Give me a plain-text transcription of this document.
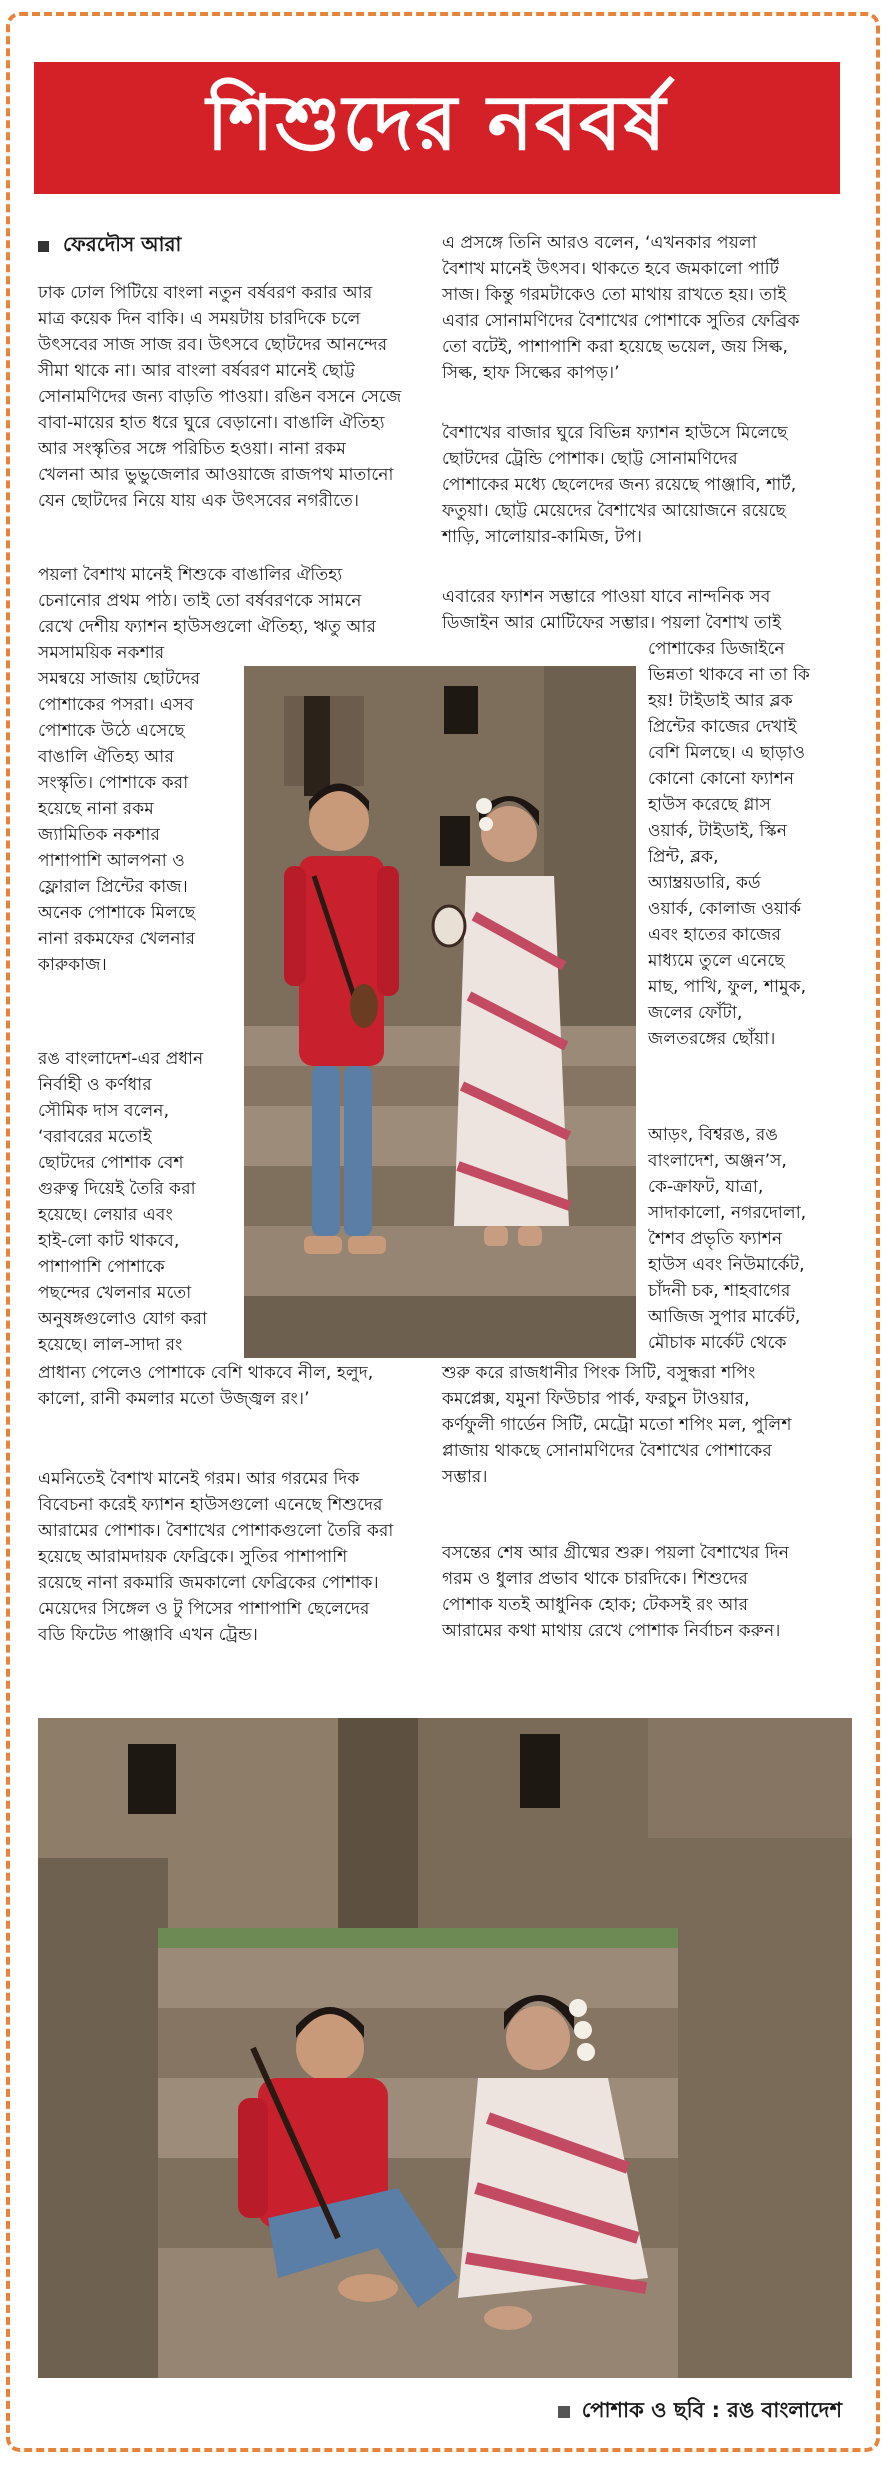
শিশুদের নববর্ষ
ফেরদৌস আরা

ঢাক ঢোল পিটিয়ে বাংলা নতুন বর্ষবরণ করার আর
মাত্র কয়েক দিন বাকি। এ সময়টায় চারদিকে চলে
উৎসবের সাজ সাজ রব। উৎসবে ছোটদের আনন্দের
সীমা থাকে না। আর বাংলা বর্ষবরণ মানেই ছোট্ট
সোনামণিদের জন্য বাড়তি পাওয়া। রঙিন বসনে সেজে
বাবা-মায়ের হাত ধরে ঘুরে বেড়ানো। বাঙালি ঐতিহ্য
আর সংস্কৃতির সঙ্গে পরিচিত হওয়া। নানা রকম
খেলনা আর ভুভুজেলার আওয়াজে রাজপথ মাতানো
যেন ছোটদের নিয়ে যায় এক উৎসবের নগরীতে।

পয়লা বৈশাখ মানেই শিশুকে বাঙালির ঐতিহ্য
চেনানোর প্রথম পাঠ। তাই তো বর্ষবরণকে সামনে
রেখে দেশীয় ফ্যাশন হাউসগুলো ঐতিহ্য, ঋতু আর

সমসাময়িক নকশার
সমন্বয়ে সাজায় ছোটদের
পোশাকের পসরা। এসব
পোশাকে উঠে এসেছে
বাঙালি ঐতিহ্য আর
সংস্কৃতি। পোশাকে করা
হয়েছে নানা রকম
জ্যামিতিক নকশার
পাশাপাশি আলপনা ও
ফ্লোরাল প্রিন্টের কাজ।
অনেক পোশাকে মিলছে
নানা রকমফের খেলনার
কারুকাজ।

রঙ বাংলাদেশ-এর প্রধান
নির্বাহী ও কর্ণধার
সৌমিক দাস বলেন,
‘বরাবরের মতোই
ছোটদের পোশাক বেশ
গুরুত্ব দিয়েই তৈরি করা
হয়েছে। লেয়ার এবং
হাই-লো কাট থাকবে,
পাশাপাশি পোশাকে
পছন্দের খেলনার মতো
অনুষঙ্গগুলোও যোগ করা
হয়েছে। লাল-সাদা রং

প্রাধান্য পেলেও পোশাকে বেশি থাকবে নীল, হলুদ,
কালো, রানী কমলার মতো উজ্জ্বল রং।’

এমনিতেই বৈশাখ মানেই গরম। আর গরমের দিক
বিবেচনা করেই ফ্যাশন হাউসগুলো এনেছে শিশুদের
আরামের পোশাক। বৈশাখের পোশাকগুলো তৈরি করা
হয়েছে আরামদায়ক ফেব্রিকে। সুতির পাশাপাশি
রয়েছে নানা রকমারি জমকালো ফেব্রিকের পোশাক।
মেয়েদের সিঙ্গেল ও টু পিসের পাশাপাশি ছেলেদের
বডি ফিটেড পাঞ্জাবি এখন ট্রেন্ড।

এ প্রসঙ্গে তিনি আরও বলেন, ‘এখনকার পয়লা
বৈশাখ মানেই উৎসব। থাকতে হবে জমকালো পার্টি
সাজ। কিন্তু গরমটাকেও তো মাথায় রাখতে হয়। তাই
এবার সোনামণিদের বৈশাখের পোশাকে সুতির ফেব্রিক
তো বটেই, পাশাপাশি করা হয়েছে ভয়েল, জয় সিল্ক,
সিল্ক, হাফ সিল্কের কাপড়।’

বৈশাখের বাজার ঘুরে বিভিন্ন ফ্যাশন হাউসে মিলেছে
ছোটদের ট্রেন্ডি পোশাক। ছোট্ট সোনামণিদের
পোশাকের মধ্যে ছেলেদের জন্য রয়েছে পাঞ্জাবি, শার্ট,
ফতুয়া। ছোট্ট মেয়েদের বৈশাখের আয়োজনে রয়েছে
শাড়ি, সালোয়ার-কামিজ, টপ।

এবারের ফ্যাশন সম্ভারে পাওয়া যাবে নান্দনিক সব
ডিজাইন আর মোটিফের সম্ভার। পয়লা বৈশাখ তাই

পোশাকের ডিজাইনে
ভিন্নতা থাকবে না তা কি
হয়! টাইডাই আর ব্লক
প্রিন্টের কাজের দেখাই
বেশি মিলছে। এ ছাড়াও
কোনো কোনো ফ্যাশন
হাউস করেছে গ্লাস
ওয়ার্ক, টাইডাই, স্কিন
প্রিন্ট, ব্লক,
অ্যাম্ব্রয়ডারি, কর্ড
ওয়ার্ক, কোলাজ ওয়ার্ক
এবং হাতের কাজের
মাধ্যমে তুলে এনেছে
মাছ, পাখি, ফুল, শামুক,
জলের ফোঁটা,
জলতরঙ্গের ছোঁয়া।

আড়ং, বিশ্বরঙ, রঙ
বাংলাদেশ, অঞ্জন’স,
কে-ক্রাফট, যাত্রা,
সাদাকালো, নগরদোলা,
শৈশব প্রভৃতি ফ্যাশন
হাউস এবং নিউমার্কেট,
চাঁদনী চক, শাহবাগের
আজিজ সুপার মার্কেট,
মৌচাক মার্কেট থেকে

শুরু করে রাজধানীর পিংক সিটি, বসুন্ধরা শপিং
কমপ্লেক্স, যমুনা ফিউচার পার্ক, ফরচুন টাওয়ার,
কর্ণফুলী গার্ডেন সিটি, মেট্রো মতো শপিং মল, পুলিশ
প্লাজায় থাকছে সোনামণিদের বৈশাখের পোশাকের
সম্ভার।

বসন্তের শেষ আর গ্রীষ্মের শুরু। পয়লা বৈশাখের দিন
গরম ও ধুলার প্রভাব থাকে চারদিকে। শিশুদের
পোশাক যতই আধুনিক হোক; টেকসই রং আর
আরামের কথা মাথায় রেখে পোশাক নির্বাচন করুন।

পোশাক ও ছবি : রঙ বাংলাদেশ
